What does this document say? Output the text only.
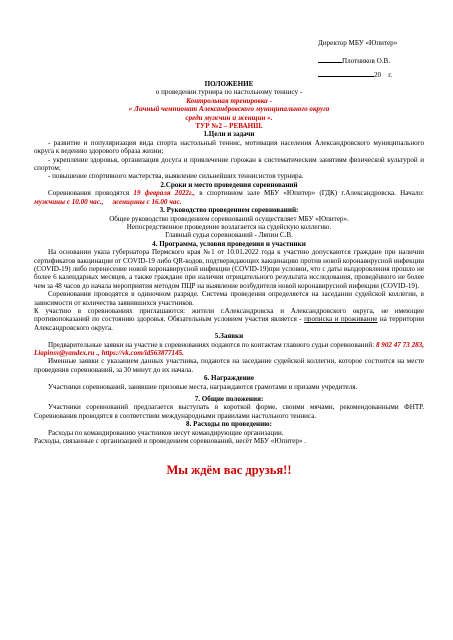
Директор МБУ «Юпитер»
Плотников О.В.
20 г.
ПОЛОЖЕНИЕ
о проведении турнира по настольному теннису -
Контрольная тренировка -
« Личный чемпионат Александровского муниципального округа
среди мужчин и женщин ».
ТУР №2 – РЕВАНШ.
1.Цели и задачи
- развитие и популяризация вида спорта настольный теннис, мотивация населения Александровского муниципального округа к ведению здорового образа жизни;
- укрепление здоровья, организация досуга и привлечение горожан к систематическим занятиям физической культурой и спортом;
- повышение спортивного мастерства, выявление сильнейших теннисистов турнира.
2.Сроки и место проведения соревнований
Соревнования проводятся 19 февраля 2022г., в спортивном зале МБУ «Юпитер» (ГДК) г.Александровска. Начало: мужчины с 10.00 час., женщины с 16.00 час.
3. Руководство проведением соревнований:
Общее руководство проведением соревнований осуществляет МБУ «Юпитер».
Непосредственное проведение возлагается на судейскую коллегию.
Главный судья соревнований - Ляпин С.В.
4. Программа, условия проведения и участники
На основании указа губернатора Пермского края №1 от 10.01.2022 года к участию допускаются граждане при наличии сертификатов вакцинации от COVID-19 либо QR-кодов, подтверждающих вакцинацию против новой коронавирусной инфекции (COVID-19) либо перенесение новой коронавирусной инфекции (COVID-19)при условии, что с даты выздоровления прошло не более 6 календарных месяцев, а также граждане при наличии отрицательного результата исследования, проведённого не более чем за 48 часов до начала мероприятия методом ПЦР на выявление возбудителя новой коронавирусной инфекции (COVID-19).
Соревнования проводятся в одиночном разряде. Система проведения определяется на заседании судейской коллегии, в зависимости от количества заявившихся участников.
К участию в соревнованиях приглашаются: жители г.Александровска и Александровского округа, не имеющие противопоказаний по состоянию здоровья. Обязательным условием участия является - прописка и проживание на территории Александровского округа.
5.Заявки
Предварительные заявки на участие в соревнованиях подаются по контактам главного судьи соревнований: 8 902 47 73 283, Liapinsv@yandex.ru ., https://vk.com/id563877145.
Именные заявки с указанием данных участника, подаются на заседание судейской коллегии, которое состоится на месте проведения соревнований, за 30 минут до их начала.
6. Награждение
Участники соревнований, занявшие призовые места, награждаются грамотами и призами учредителя.
7. Общие положения:
Участники соревнований предлагается выступать в короткой форме, своими мячами, рекомендованными ФНТР. Соревнования проводятся в соответствии международными правилами настольного тенниса.
8. Расходы по проведению:
Расходы по командированию участников несут командирующие организации.
Расходы, связанные с организацией и проведением соревнований, несёт МБУ «Юпитер» .
Мы ждём вас друзья!!
